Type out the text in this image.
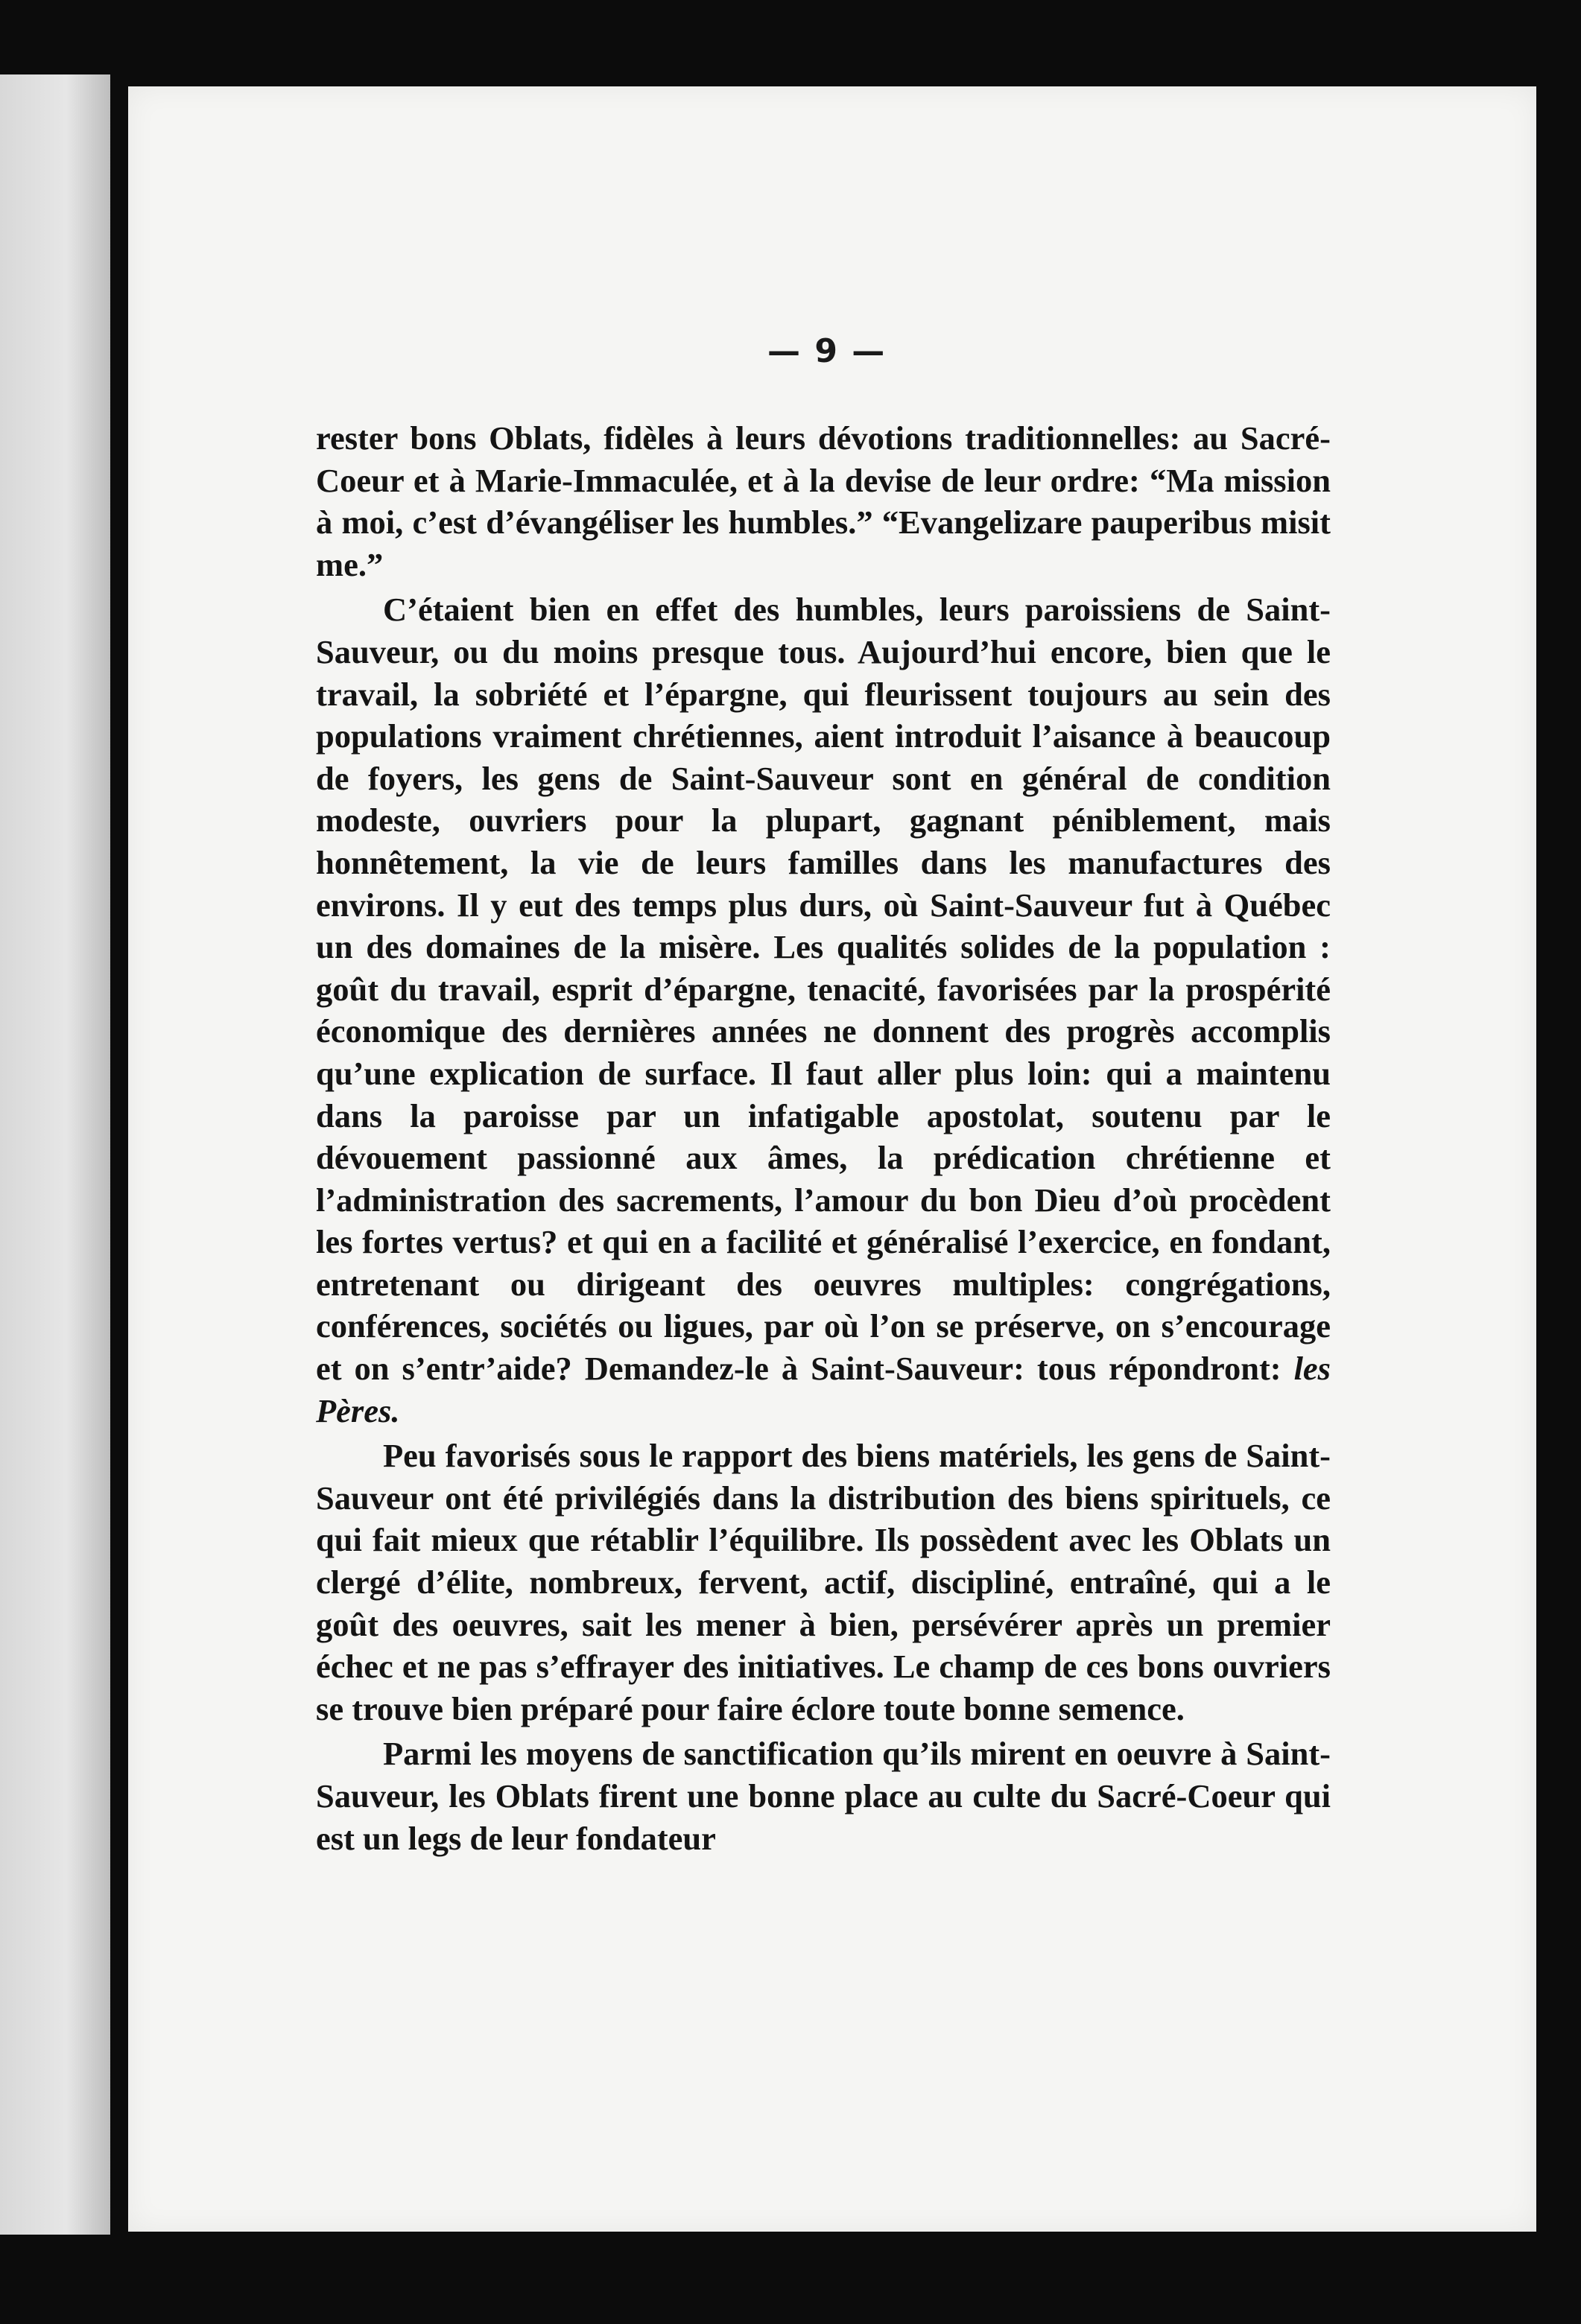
— 9 —

rester bons Oblats, fidèles à leurs dévotions traditionnelles: au Sacré-Coeur et à Marie-Immaculée, et à la devise de leur ordre: “Ma mission à moi, c’est d’évangéliser les humbles.” “Evangelizare pauperibus misit me.”

C’étaient bien en effet des humbles, leurs paroissiens de Saint-Sauveur, ou du moins presque tous. Aujourd’hui encore, bien que le travail, la sobriété et l’épargne, qui fleurissent toujours au sein des populations vraiment chrétiennes, aient introduit l’aisance à beaucoup de foyers, les gens de Saint-Sauveur sont en général de condition modeste, ouvriers pour la plupart, gagnant péniblement, mais honnêtement, la vie de leurs familles dans les manufactures des environs. Il y eut des temps plus durs, où Saint-Sauveur fut à Québec un des domaines de la misère. Les qualités solides de la population : goût du travail, esprit d’épargne, tenacité, favorisées par la prospérité économique des dernières années ne donnent des progrès accomplis qu’une explication de surface. Il faut aller plus loin: qui a maintenu dans la paroisse par un infatigable apostolat, soutenu par le dévouement passionné aux âmes, la prédication chrétienne et l’administration des sacrements, l’amour du bon Dieu d’où procèdent les fortes vertus? et qui en a facilité et généralisé l’exercice, en fondant, entretenant ou dirigeant des oeuvres multiples: congrégations, conférences, sociétés ou ligues, par où l’on se préserve, on s’encourage et on s’entr’aide? Demandez-le à Saint-Sauveur: tous répondront: les Pères.

Peu favorisés sous le rapport des biens matériels, les gens de Saint-Sauveur ont été privilégiés dans la distribution des biens spirituels, ce qui fait mieux que rétablir l’équilibre. Ils possèdent avec les Oblats un clergé d’élite, nombreux, fervent, actif, discipliné, entraîné, qui a le goût des oeuvres, sait les mener à bien, persévérer après un premier échec et ne pas s’effrayer des initiatives. Le champ de ces bons ouvriers se trouve bien préparé pour faire éclore toute bonne semence.

Parmi les moyens de sanctification qu’ils mirent en oeuvre à Saint-Sauveur, les Oblats firent une bonne place au culte du Sacré-Coeur qui est un legs de leur fondateur
